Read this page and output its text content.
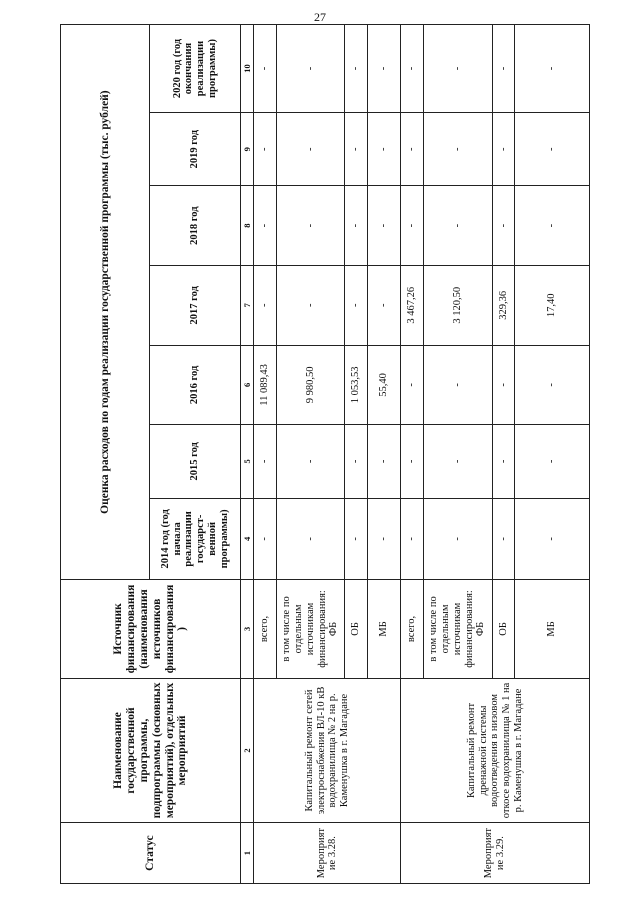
27
Статус	Наименование государственной программы, подпрограммы (основных мероприятий), отдельных мероприятий	Источник финансирования (наименования источников финансирования)	Оценка расходов по годам реализации государственной программы (тыс. рублей)						
			2014 год (год начала реализации государст-венной программы)	2015 год	2016 год	2017 год	2018 год	2019 год	2020 год (год окончания реализации программы)
1	2	3	4	5	6	7	8	9	10
Мероприятие 3.28.	Капитальный ремонт сетей электроснабжения ВЛ-10 кВ водохранилища № 2 на р. Каменушка в г. Магадане	всего,	-	-	11 089,43	-	-	-	-
		в том числе по отдельным источникам финансирования: ФБ	-	-	9 980,50	-	-	-	-
		ОБ	-	-	1 053,53	-	-	-	-
		МБ	-	-	55,40	-	-	-	-
Мероприятие 3.29.	Капитальный ремонт дренажной системы водоотведения в низовом откосе водохранилища № 1 на р. Каменушка в г. Магадане	всего,	-	-	-	3 467,26	-	-	-
		в том числе по отдельным источникам финансирования: ФБ	-	-	-	3 120,50	-	-	-
		ОБ	-	-	-	329,36	-	-	-
		МБ	-	-	-	17,40	-	-	-
